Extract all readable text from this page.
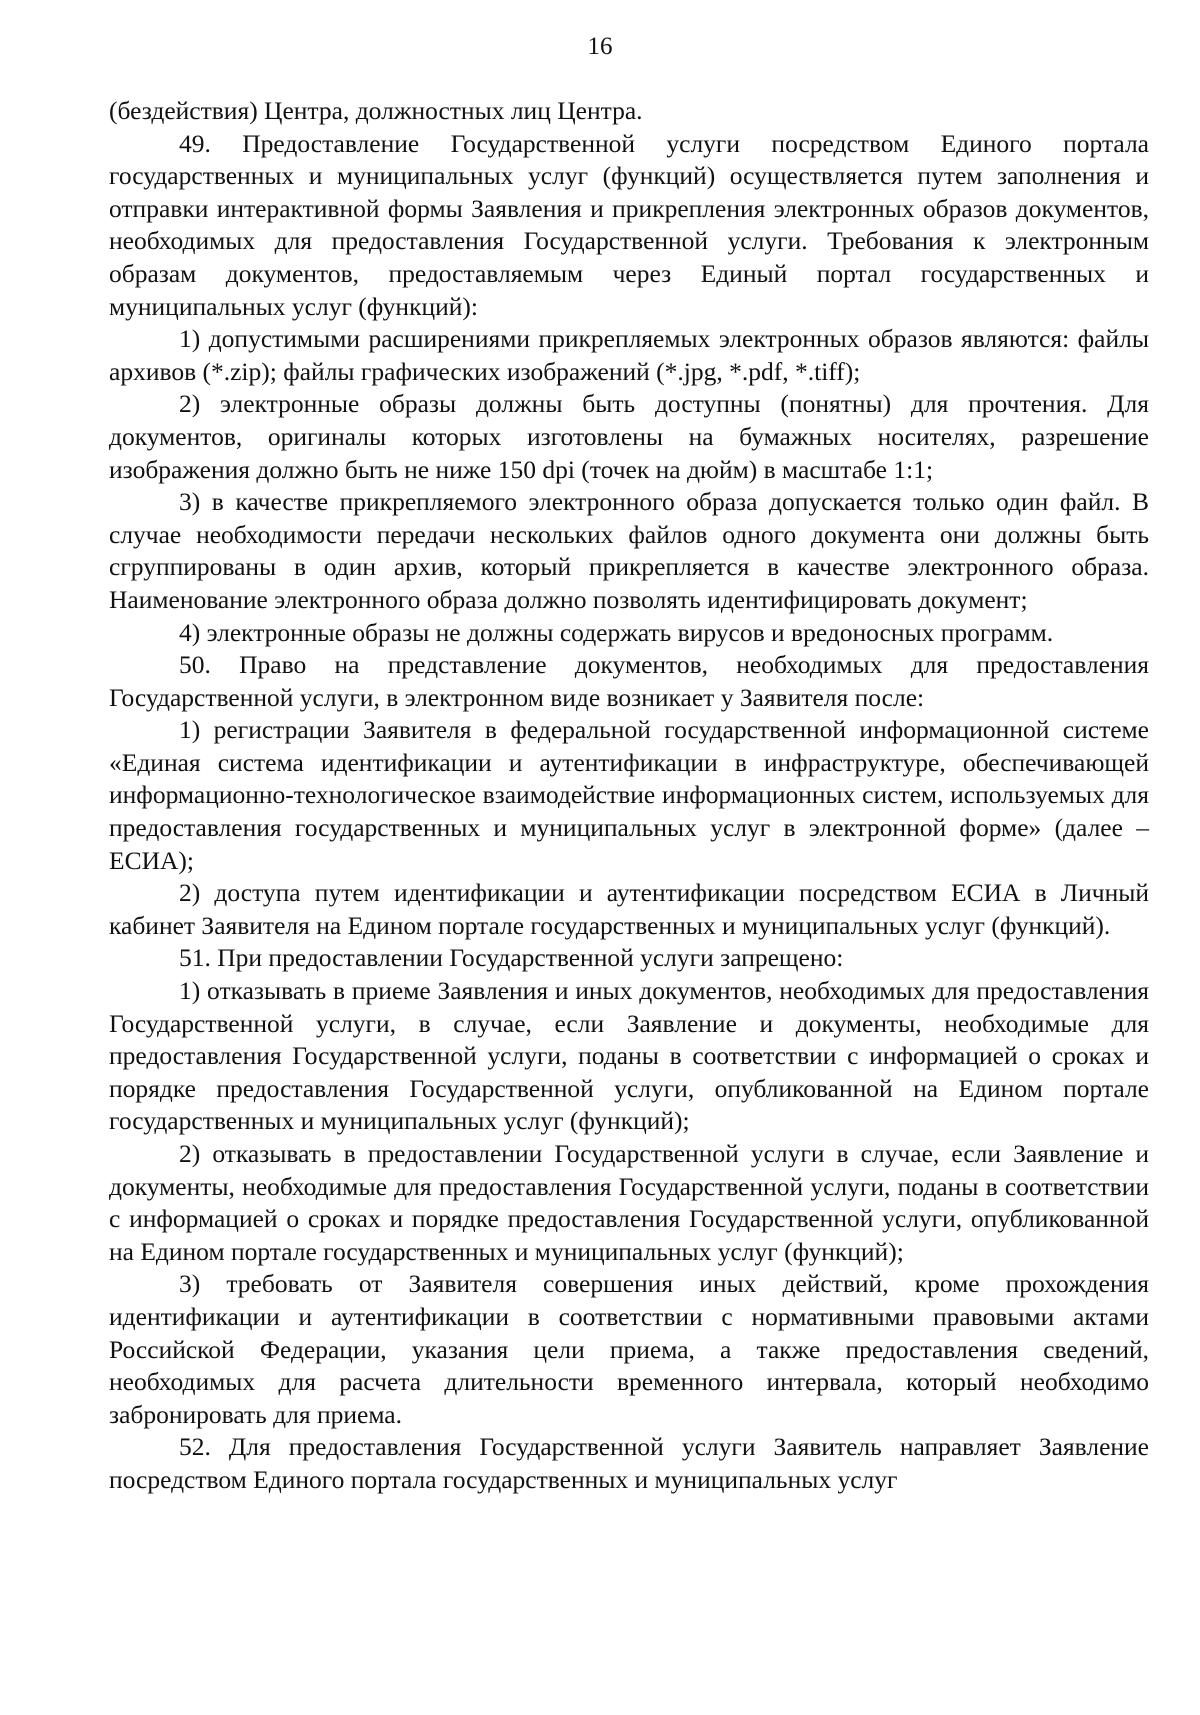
16

(бездействия) Центра, должностных лиц Центра.

49. Предоставление Государственной услуги посредством Единого портала государственных и муниципальных услуг (функций) осуществляется путем заполнения и отправки интерактивной формы Заявления и прикрепления электронных образов документов, необходимых для предоставления Государственной услуги. Требования к электронным образам документов, предоставляемым через Единый портал государственных и муниципальных услуг (функций):

1) допустимыми расширениями прикрепляемых электронных образов являются: файлы архивов (*.zip); файлы графических изображений (*.jpg, *.pdf, *.tiff);

2) электронные образы должны быть доступны (понятны) для прочтения. Для документов, оригиналы которых изготовлены на бумажных носителях, разрешение изображения должно быть не ниже 150 dpi (точек на дюйм) в масштабе 1:1;

3) в качестве прикрепляемого электронного образа допускается только один файл. В случае необходимости передачи нескольких файлов одного документа они должны быть сгруппированы в один архив, который прикрепляется в качестве электронного образа. Наименование электронного образа должно позволять идентифицировать документ;

4) электронные образы не должны содержать вирусов и вредоносных программ.

50. Право на представление документов, необходимых для предоставления Государственной услуги, в электронном виде возникает у Заявителя после:

1) регистрации Заявителя в федеральной государственной информационной системе «Единая система идентификации и аутентификации в инфраструктуре, обеспечивающей информационно-технологическое взаимодействие информационных систем, используемых для предоставления государственных и муниципальных услуг в электронной форме» (далее – ЕСИА);

2) доступа путем идентификации и аутентификации посредством ЕСИА в Личный кабинет Заявителя на Едином портале государственных и муниципальных услуг (функций).

51. При предоставлении Государственной услуги запрещено:

1) отказывать в приеме Заявления и иных документов, необходимых для предоставления Государственной услуги, в случае, если Заявление и документы, необходимые для предоставления Государственной услуги, поданы в соответствии с информацией о сроках и порядке предоставления Государственной услуги, опубликованной на Едином портале государственных и муниципальных услуг (функций);

2) отказывать в предоставлении Государственной услуги в случае, если Заявление и документы, необходимые для предоставления Государственной услуги, поданы в соответствии с информацией о сроках и порядке предоставления Государственной услуги, опубликованной на Едином портале государственных и муниципальных услуг (функций);

3) требовать от Заявителя совершения иных действий, кроме прохождения идентификации и аутентификации в соответствии с нормативными правовыми актами Российской Федерации, указания цели приема, а также предоставления сведений, необходимых для расчета длительности временного интервала, который необходимо забронировать для приема.

52. Для предоставления Государственной услуги Заявитель направляет Заявление посредством Единого портала государственных и муниципальных услуг
